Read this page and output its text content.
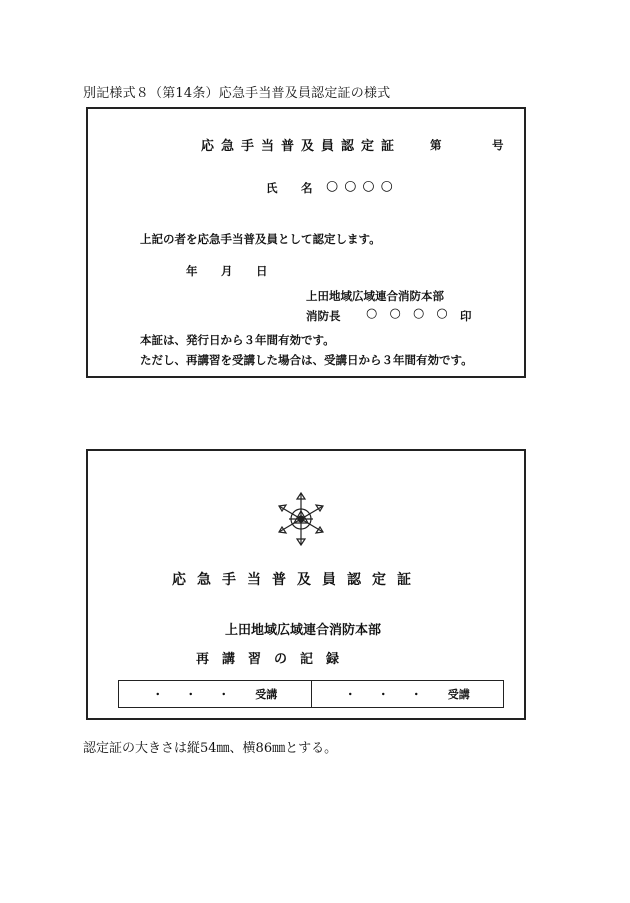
別記様式８（第14条）応急手当普及員認定証の様式
応急手当普及員認定証	第	号
氏　名 ○○○○
上記の者を応急手当普及員として認定します。
年 月 日
上田地域広域連合消防本部
消防長 ○ ○ ○ ○ 印
本証は、発行日から３年間有効です。
ただし、再講習を受講した場合は、受講日から３年間有効です。
応急手当普及員認定証
上田地域広域連合消防本部
再講習の記録
・・・ 受講	・・・ 受講
認定証の大きさは縦54㎜、横86㎜とする。
